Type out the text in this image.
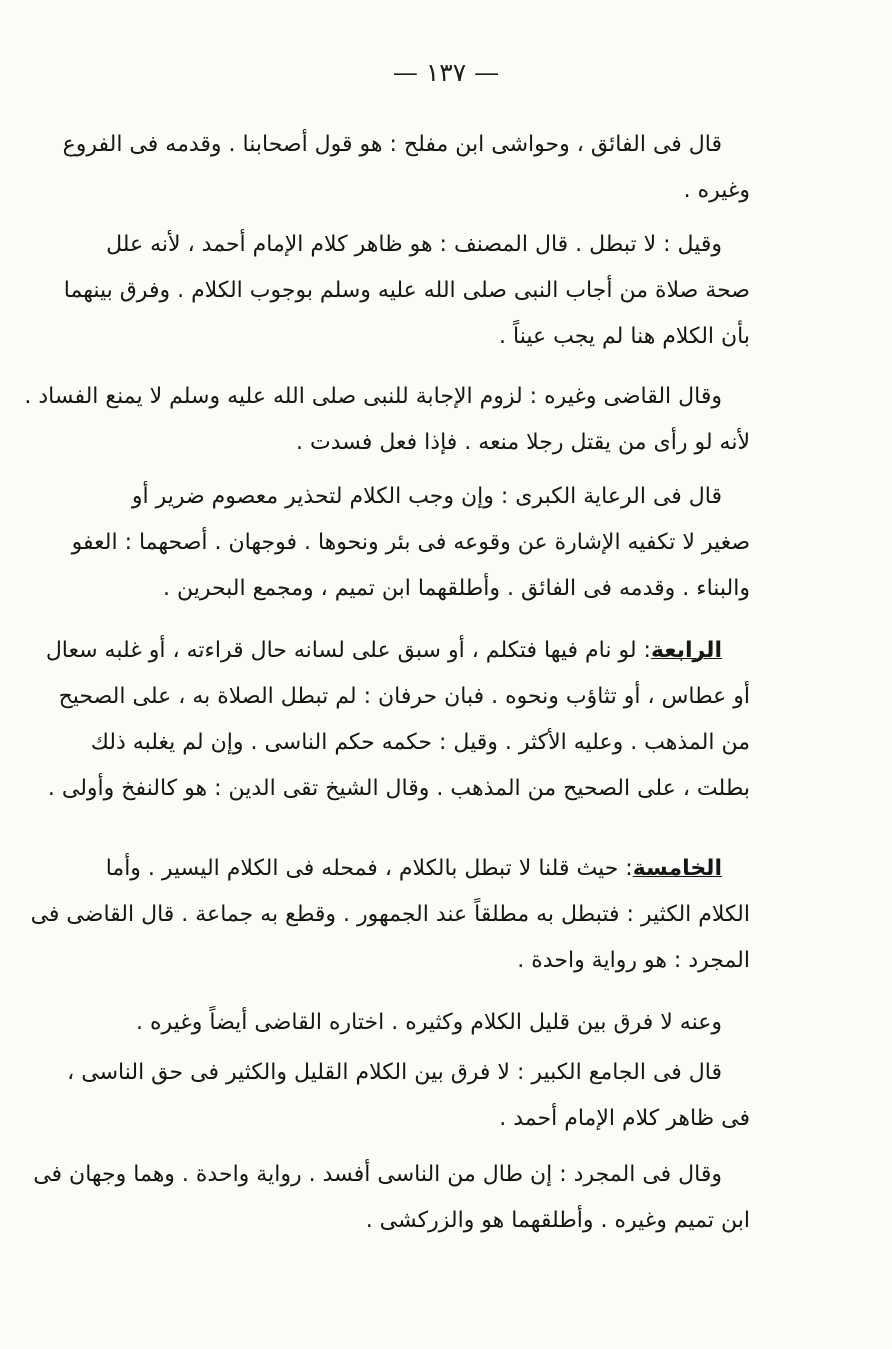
— ١٣٧ —
قال فى الفائق ، وحواشى ابن مفلح : هو قول أصحابنا . وقدمه فى الفروع
وغيره .
وقيل : لا تبطل . قال المصنف : هو ظاهر كلام الإمام أحمد ، لأنه علل
صحة صلاة من أجاب النبى صلى الله عليه وسلم بوجوب الكلام . وفرق بينهما
بأن الكلام هنا لم يجب عيناً .
وقال القاضى وغيره : لزوم الإجابة للنبى صلى الله عليه وسلم لا يمنع الفساد .
لأنه لو رأى من يقتل رجلا منعه . فإذا فعل فسدت .
قال فى الرعاية الكبرى : وإن وجب الكلام لتحذير معصوم ضرير أو
صغير لا تكفيه الإشارة عن وقوعه فى بئر ونحوها . فوجهان . أصحهما : العفو
والبناء . وقدمه فى الفائق . وأطلقهما ابن تميم ، ومجمع البحرين .
الرابعة: لو نام فيها فتكلم ، أو سبق على لسانه حال قراءته ، أو غلبه سعال
أو عطاس ، أو تثاؤب ونحوه . فبان حرفان : لم تبطل الصلاة به ، على الصحيح
من المذهب . وعليه الأكثر . وقيل : حكمه حكم الناسى . وإن لم يغلبه ذلك
بطلت ، على الصحيح من المذهب . وقال الشيخ تقى الدين : هو كالنفخ وأولى .
الخامسة: حيث قلنا لا تبطل بالكلام ، فمحله فى الكلام اليسير . وأما
الكلام الكثير : فتبطل به مطلقاً عند الجمهور . وقطع به جماعة . قال القاضى فى
المجرد : هو رواية واحدة .
وعنه لا فرق بين قليل الكلام وكثيره . اختاره القاضى أيضاً وغيره .
قال فى الجامع الكبير : لا فرق بين الكلام القليل والكثير فى حق الناسى ،
فى ظاهر كلام الإمام أحمد .
وقال فى المجرد : إن طال من الناسى أفسد . رواية واحدة . وهما وجهان فى
ابن تميم وغيره . وأطلقهما هو والزركشى .
